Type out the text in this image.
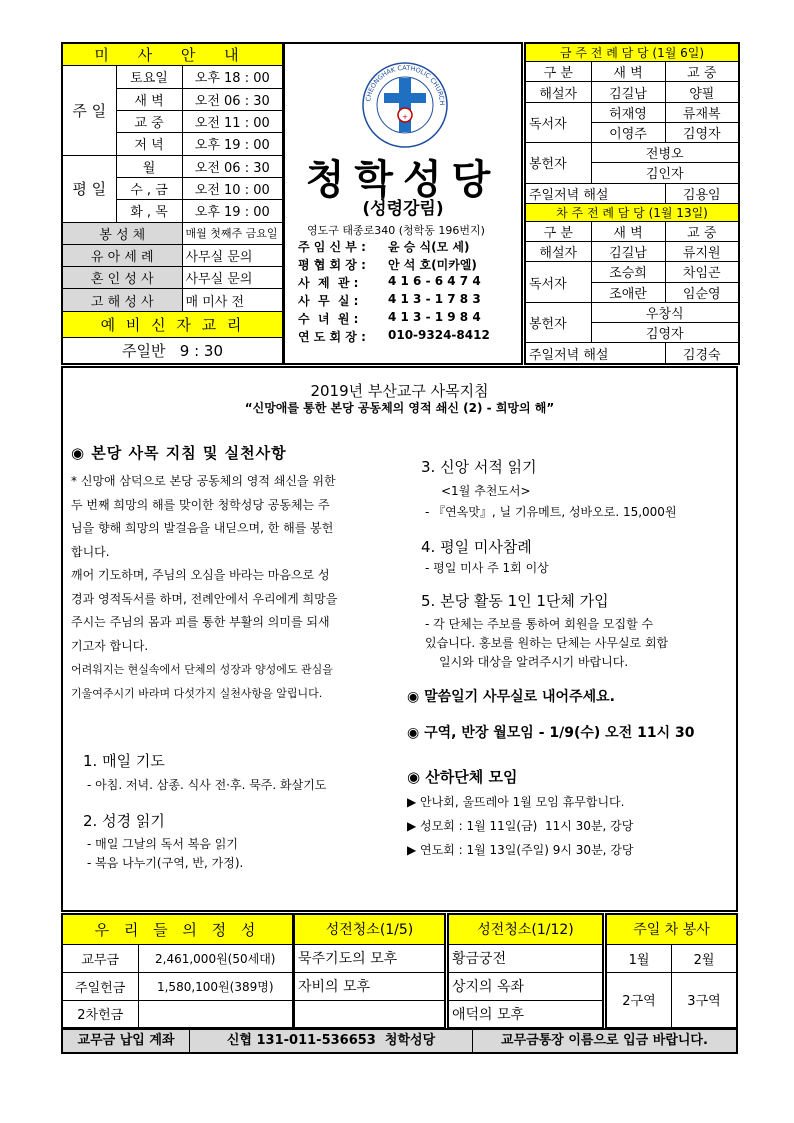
미 사 안 내		
주 일	토요일	오후 18 : 00
	새 벽	오전 06 : 30
	교 중	오전 11 : 00
	저 녁	오후 19 : 00
평 일	월	오전 06 : 30
	수 , 금	오전 10 : 00
	화 , 목	오후 19 : 00
봉 성 체		매월 첫째주 금요일
유 아 세 례		사무실 문의
혼 인 성 사		사무실 문의
고 해 성 사		매 미사 전
예 비 신 자 교 리		
주일반   9 : 30		
+
CHEONGHAK CATHOLIC CHURCH
청학성당
(성령강림)
영도구 태종로340 (청학동 196번지)
주 임 신 부 :	윤 승 식(모 세)
평 협 회 장 :	안 석 호(미카엘)
사  제  관 :	4 1 6 - 6 4 7 4
사  무  실 :	4 1 3 - 1 7 8 3
수  녀  원 :	4 1 3 - 1 9 8 4
연 도 회 장 :	010-9324-8412
금 주 전 례 담 당 (1월 6일)		
구 분	새 벽	교 중
해설자	김길남	양필
독서자	허재영	류재복
	이영주	김영자
봉헌자	전병오	
	김인자	
주일저녁 해설		김용임
차 주 전 례 담 당 (1월 13일)		
구 분	새 벽	교 중
해설자	김길남	류지원
독서자	조승희	차임곤
	조애란	임순영
봉헌자	우창식	
	김영자	
주일저녁 해설		김경숙
2019년 부산교구 사목지침
“신망애를 통한 본당 공동체의 영적 쇄신 (2) - 희망의 해”
◉ 본당 사목 지침 및 실천사항
* 신망애 삼덕으로 본당 공동체의 영적 쇄신을 위한
두 번째 희망의 해를 맞이한 청학성당 공동체는 주
님을 향해 희망의 발걸음을 내딛으며, 한 해를 봉헌
합니다.
깨어 기도하며, 주님의 오심을 바라는 마음으로 성
경과 영적독서를 하며, 전례안에서 우리에게 희망을
주시는 주님의 몸과 피를 통한 부활의 의미를 되새
기고자 합니다.
어려워지는 현실속에서 단체의 성장과 양성에도 관심을
기울여주시기 바라며 다섯가지 실천사항을 알립니다.
1. 매일 기도
- 아침. 저녁. 삼종. 식사 전·후. 묵주. 화살기도
2. 성경 읽기
- 매일 그날의 독서 복음 읽기
- 복음 나누기(구역, 반, 가정).
3. 신앙 서적 읽기
<1월 추천도서>
- 『연옥맛』, 닐 기유메트, 성바오로. 15,000원
4. 평일 미사참례
- 평일 미사 주 1회 이상
5. 본당 활동 1인 1단체 가입
- 각 단체는 주보를 통하여 회원을 모집할 수
있습니다. 홍보를 원하는 단체는 사무실로 회합
일시와 대상을 알려주시기 바랍니다.
◉ 말씀일기 사무실로 내어주세요.
◉ 구역, 반장 월모임 - 1/9(수) 오전 11시 30
◉ 산하단체 모임
▶ 안나회, 울뜨레아 1월 모임 휴무합니다.
▶ 성모회 : 1월 11일(금)  11시 30분, 강당
▶ 연도회 : 1월 13일(주일) 9시 30분, 강당
우 리 들 의 정 성	
교무금	2,461,000원(50세대)
주일헌금	1,580,100원(389명)
2차헌금	
성전청소(1/5)
묵주기도의 모후
자비의 모후

성전청소(1/12)
황금궁전
상지의 옥좌
애덕의 모후
주일 차 봉사	
1월	2월
2구역	3구역
교무금 납입 계좌	신협 131-011-536653  청학성당	교무금통장 이름으로 입금 바랍니다.
